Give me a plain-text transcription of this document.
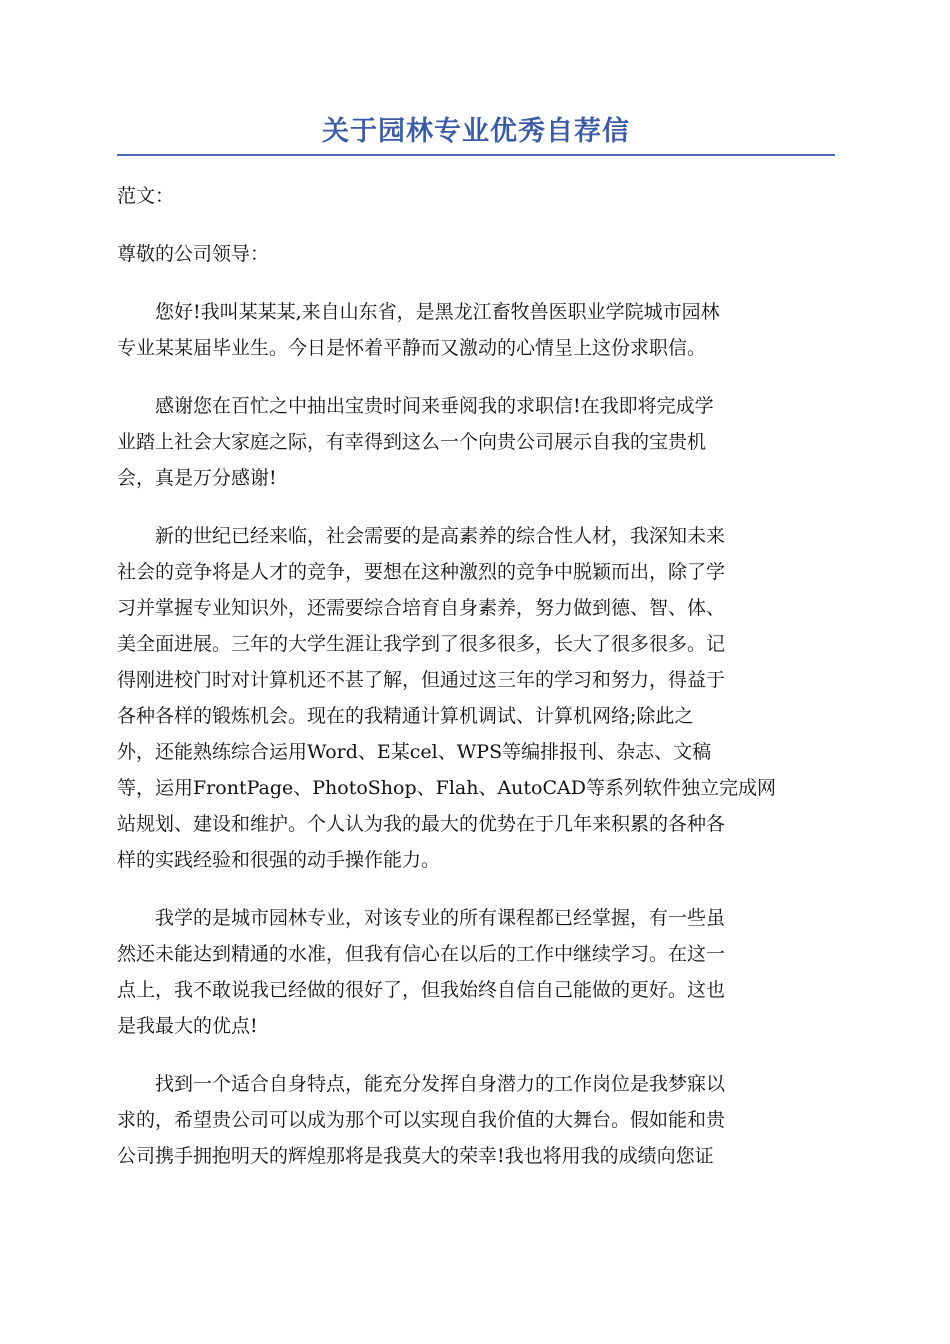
关于园林专业优秀自荐信

范文：

尊敬的公司领导：

您好!我叫某某某,来自山东省，是黑龙江畜牧兽医职业学院城市园林
专业某某届毕业生。今日是怀着平静而又激动的心情呈上这份求职信。
感谢您在百忙之中抽出宝贵时间来垂阅我的求职信!在我即将完成学
业踏上社会大家庭之际，有幸得到这么一个向贵公司展示自我的宝贵机
会，真是万分感谢!
新的世纪已经来临，社会需要的是高素养的综合性人材，我深知未来
社会的竞争将是人才的竞争，要想在这种激烈的竞争中脱颖而出，除了学
习并掌握专业知识外，还需要综合培育自身素养，努力做到德、智、体、
美全面进展。三年的大学生涯让我学到了很多很多，长大了很多很多。记
得刚进校门时对计算机还不甚了解，但通过这三年的学习和努力，得益于
各种各样的锻炼机会。现在的我精通计算机调试、计算机网络;除此之
外，还能熟练综合运用Word、E某cel、WPS等编排报刊、杂志、文稿
等，运用FrontPage、PhotoShop、Flah、AutoCAD等系列软件独立完成网
站规划、建设和维护。个人认为我的最大的优势在于几年来积累的各种各
样的实践经验和很强的动手操作能力。
我学的是城市园林专业，对该专业的所有课程都已经掌握，有一些虽
然还未能达到精通的水准，但我有信心在以后的工作中继续学习。在这一
点上，我不敢说我已经做的很好了，但我始终自信自己能做的更好。这也
是我最大的优点!
找到一个适合自身特点，能充分发挥自身潜力的工作岗位是我梦寐以
求的，希望贵公司可以成为那个可以实现自我价值的大舞台。假如能和贵
公司携手拥抱明天的辉煌那将是我莫大的荣幸!我也将用我的成绩向您证
